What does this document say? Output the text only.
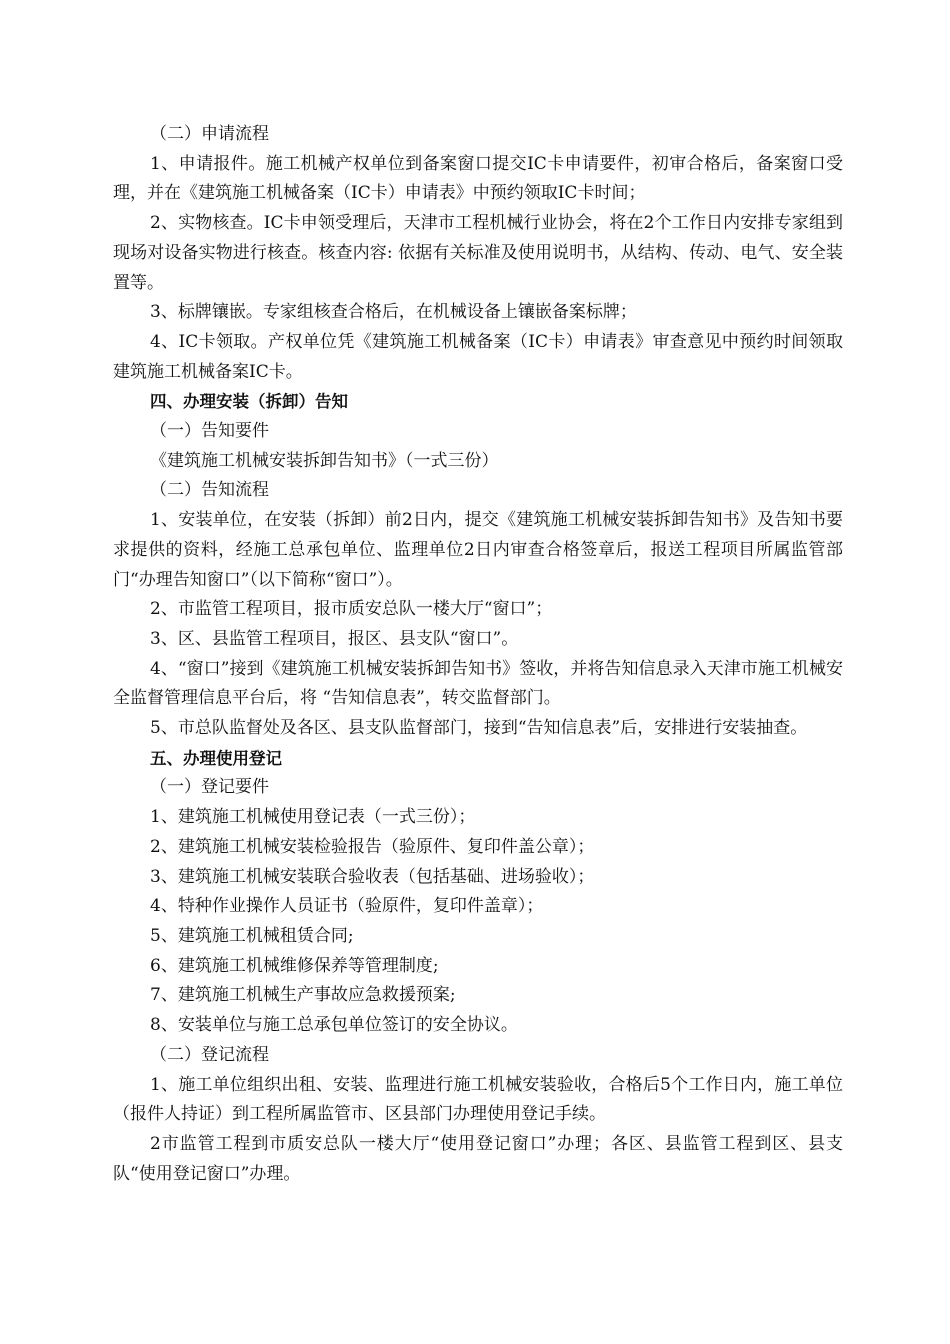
（二）申请流程

1、申请报件。施工机械产权单位到备案窗口提交IC卡申请要件，初审合格后，备案窗口受理，并在《建筑施工机械备案（IC卡）申请表》中预约领取IC卡时间；

2、实物核查。IC卡申领受理后，天津市工程机械行业协会，将在2个工作日内安排专家组到现场对设备实物进行核查。核查内容: 依据有关标准及使用说明书，从结构、传动、电气、安全装置等。

3、标牌镶嵌。专家组核查合格后，在机械设备上镶嵌备案标牌；

4、IC卡领取。产权单位凭《建筑施工机械备案（IC卡）申请表》审查意见中预约时间领取建筑施工机械备案IC卡。

四、办理安装（拆卸）告知

（一）告知要件

《建筑施工机械安装拆卸告知书》（一式三份）

（二）告知流程

1、安装单位，在安装（拆卸）前2日内，提交《建筑施工机械安装拆卸告知书》及告知书要求提供的资料，经施工总承包单位、监理单位2日内审查合格签章后，报送工程项目所属监管部门“办理告知窗口”（以下简称“窗口”）。

2、市监管工程项目，报市质安总队一楼大厅“窗口”；

3、区、县监管工程项目，报区、县支队“窗口”。

4、“窗口”接到《建筑施工机械安装拆卸告知书》签收，并将告知信息录入天津市施工机械安全监督管理信息平台后，将 “告知信息表”，转交监督部门。

5、市总队监督处及各区、县支队监督部门，接到“告知信息表”后，安排进行安装抽查。

五、办理使用登记

（一）登记要件

1、建筑施工机械使用登记表（一式三份）；

2、建筑施工机械安装检验报告（验原件、复印件盖公章）；

3、建筑施工机械安装联合验收表（包括基础、进场验收）；

4、特种作业操作人员证书（验原件，复印件盖章）；

5、建筑施工机械租赁合同;

6、建筑施工机械维修保养等管理制度;

7、建筑施工机械生产事故应急救援预案;

8、安装单位与施工总承包单位签订的安全协议。

（二）登记流程

1、施工单位组织出租、安装、监理进行施工机械安装验收，合格后5个工作日内，施工单位（报件人持证）到工程所属监管市、区县部门办理使用登记手续。

2市监管工程到市质安总队一楼大厅“使用登记窗口”办理；各区、县监管工程到区、县支队“使用登记窗口”办理。
